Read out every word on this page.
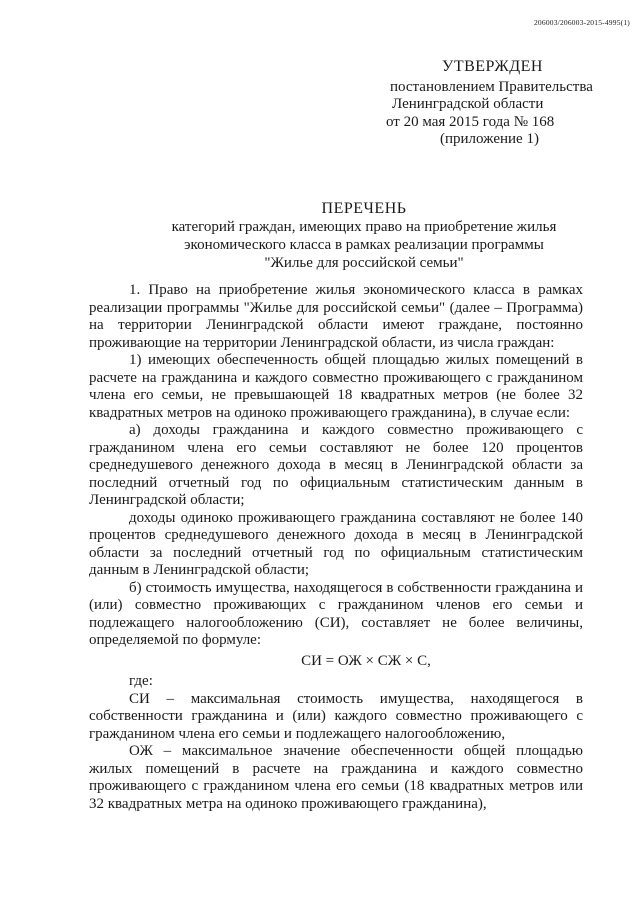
206003/206003-2015-4995(1)
УТВЕРЖДЕН
постановлением Правительства
Ленинградской области
от 20 мая 2015 года № 168
(приложение 1)
ПЕРЕЧЕНЬ
категорий граждан, имеющих право на приобретение жилья
экономического класса в рамках реализации программы
"Жилье для российской семьи"
1. Право на приобретение жилья экономического класса в рамках реализации программы "Жилье для российской семьи" (далее – Программа) на территории Ленинградской области имеют граждане, постоянно проживающие на территории Ленинградской области, из числа граждан:
1) имеющих обеспеченность общей площадью жилых помещений в расчете на гражданина и каждого совместно проживающего с гражданином члена его семьи, не превышающей 18 квадратных метров (не более 32 квадратных метров на одиноко проживающего гражданина), в случае если:
а) доходы гражданина и каждого совместно проживающего с гражданином члена его семьи составляют не более 120 процентов среднедушевого денежного дохода в месяц в Ленинградской области за последний отчетный год по официальным статистическим данным в Ленинградской области;
доходы одиноко проживающего гражданина составляют не более 140 процентов среднедушевого денежного дохода в месяц в Ленинградской области за последний отчетный год по официальным статистическим данным в Ленинградской области;
б) стоимость имущества, находящегося в собственности гражданина и (или) совместно проживающих с гражданином членов его семьи и подлежащего налогообложению (СИ), составляет не более величины, определяемой по формуле:
СИ = ОЖ × СЖ × С,
где:
СИ – максимальная стоимость имущества, находящегося в собственности гражданина и (или) каждого совместно проживающего с гражданином члена его семьи и подлежащего налогообложению,
ОЖ – максимальное значение обеспеченности общей площадью жилых помещений в расчете на гражданина и каждого совместно проживающего с гражданином члена его семьи (18 квадратных метров или 32 квадратных метра на одиноко проживающего гражданина),
